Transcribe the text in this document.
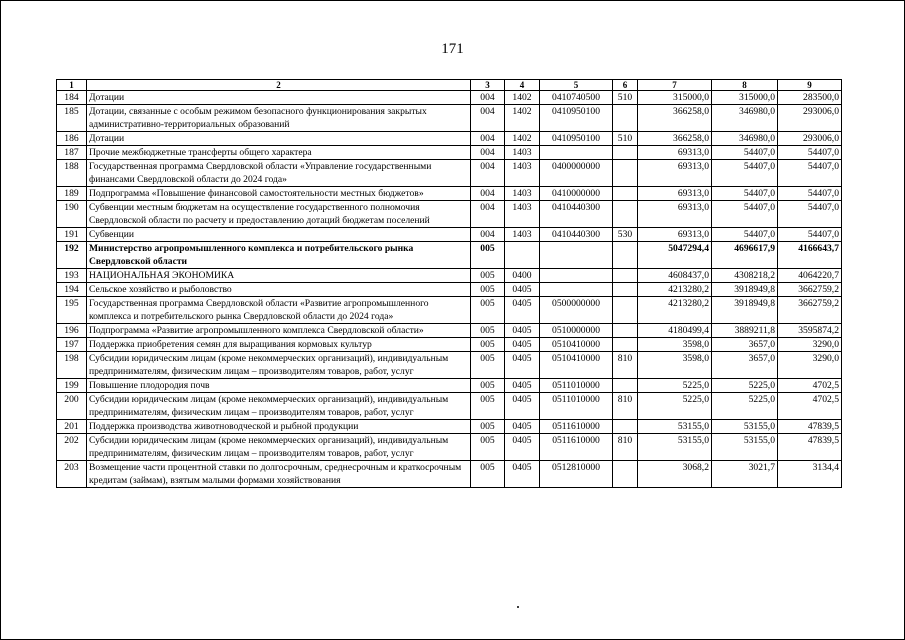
171
1	2	3	4	5	6	7	8	9
184	Дотации	004	1402	0410740500	510	315000,0	315000,0	283500,0
185	Дотации, связанные с особым режимом безопасного функционирования закрытых административно-территориальных образований	004	1402	0410950100		366258,0	346980,0	293006,0
186	Дотации	004	1402	0410950100	510	366258,0	346980,0	293006,0
187	Прочие межбюджетные трансферты общего характера	004	1403			69313,0	54407,0	54407,0
188	Государственная программа Свердловской области «Управление государственными финансами Свердловской области до 2024 года»	004	1403	0400000000		69313,0	54407,0	54407,0
189	Подпрограмма «Повышение финансовой самостоятельности местных бюджетов»	004	1403	0410000000		69313,0	54407,0	54407,0
190	Субвенции местным бюджетам на осуществление государственного полномочия Свердловской области по расчету и предоставлению дотаций бюджетам поселений	004	1403	0410440300		69313,0	54407,0	54407,0
191	Субвенции	004	1403	0410440300	530	69313,0	54407,0	54407,0
192	Министерство агропромышленного комплекса и потребительского рынка Свердловской области	005				5047294,4	4696617,9	4166643,7
193	НАЦИОНАЛЬНАЯ ЭКОНОМИКА	005	0400			4608437,0	4308218,2	4064220,7
194	Сельское хозяйство и рыболовство	005	0405			4213280,2	3918949,8	3662759,2
195	Государственная программа Свердловской области «Развитие агропромышленного комплекса и потребительского рынка Свердловской области до 2024 года»	005	0405	0500000000		4213280,2	3918949,8	3662759,2
196	Подпрограмма «Развитие агропромышленного комплекса Свердловской области»	005	0405	0510000000		4180499,4	3889211,8	3595874,2
197	Поддержка приобретения семян для выращивания кормовых культур	005	0405	0510410000		3598,0	3657,0	3290,0
198	Субсидии юридическим лицам (кроме некоммерческих организаций), индивидуальным предпринимателям, физическим лицам – производителям товаров, работ, услуг	005	0405	0510410000	810	3598,0	3657,0	3290,0
199	Повышение плодородия почв	005	0405	0511010000		5225,0	5225,0	4702,5
200	Субсидии юридическим лицам (кроме некоммерческих организаций), индивидуальным предпринимателям, физическим лицам – производителям товаров, работ, услуг	005	0405	0511010000	810	5225,0	5225,0	4702,5
201	Поддержка производства животноводческой и рыбной продукции	005	0405	0511610000		53155,0	53155,0	47839,5
202	Субсидии юридическим лицам (кроме некоммерческих организаций), индивидуальным предпринимателям, физическим лицам – производителям товаров, работ, услуг	005	0405	0511610000	810	53155,0	53155,0	47839,5
203	Возмещение части процентной ставки по долгосрочным, среднесрочным и краткосрочным кредитам (займам), взятым малыми формами хозяйствования	005	0405	0512810000		3068,2	3021,7	3134,4
